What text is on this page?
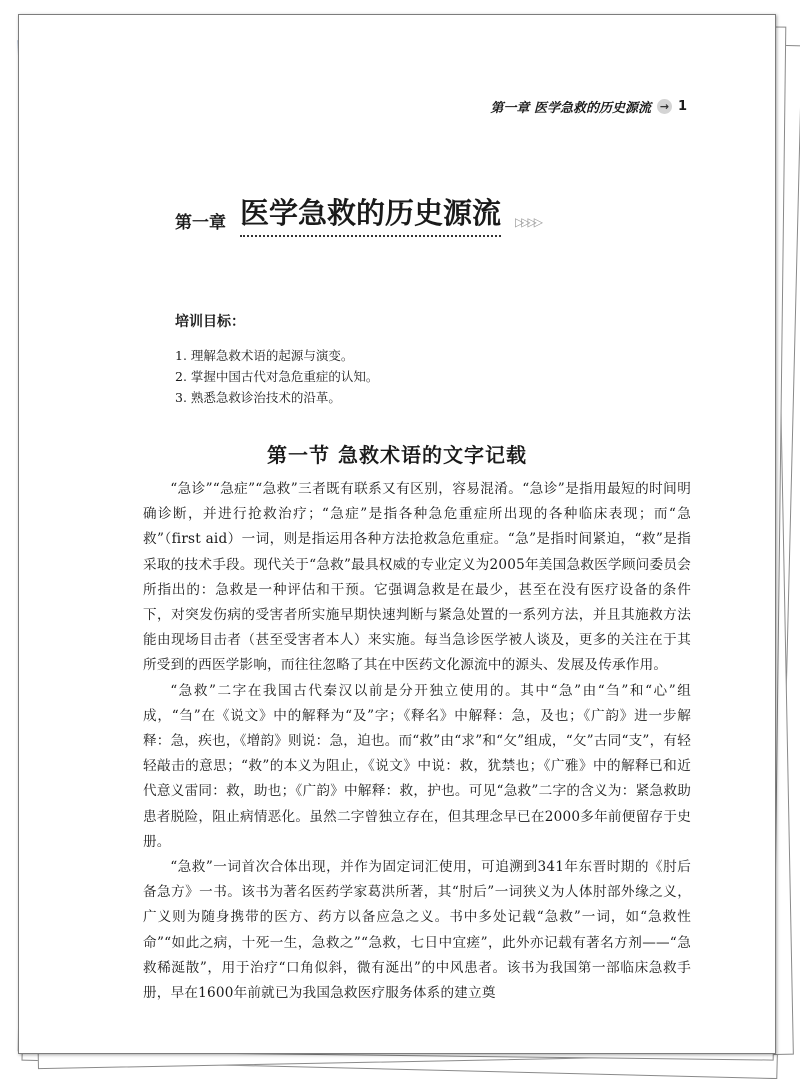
第一章 医学急救的历史源流 → 1
第一章 医学急救的历史源流 ▷▷▷▷
培训目标：
1. 理解急救术语的起源与演变。
2. 掌握中国古代对急危重症的认知。
3. 熟悉急救诊治技术的沿革。
第一节 急救术语的文字记载

“急诊”“急症”“急救”三者既有联系又有区别，容易混淆。“急诊”是指用最短的时间明确诊断，并进行抢救治疗；“急症”是指各种急危重症所出现的各种临床表现；而“急救”（first aid）一词，则是指运用各种方法抢救急危重症。“急”是指时间紧迫，“救”是指采取的技术手段。现代关于“急救”最具权威的专业定义为2005年美国急救医学顾问委员会所指出的：急救是一种评估和干预。它强调急救是在最少，甚至在没有医疗设备的条件下，对突发伤病的受害者所实施早期快速判断与紧急处置的一系列方法，并且其施救方法能由现场目击者（甚至受害者本人）来实施。每当急诊医学被人谈及，更多的关注在于其所受到的西医学影响，而往往忽略了其在中医药文化源流中的源头、发展及传承作用。

“急救”二字在我国古代秦汉以前是分开独立使用的。其中“急”由“刍”和“心”组成，“刍”在《说文》中的解释为“及”字；《释名》中解释：急，及也；《广韵》进一步解释：急，疾也，《增韵》则说：急，迫也。而“救”由“求”和“攵”组成，“攵”古同“支”，有轻轻敲击的意思；“救”的本义为阻止，《说文》中说：救，犹禁也；《广雅》中的解释已和近代意义雷同：救，助也；《广韵》中解释：救，护也。可见“急救”二字的含义为：紧急救助患者脱险，阻止病情恶化。虽然二字曾独立存在，但其理念早已在2000多年前便留存于史册。

“急救”一词首次合体出现，并作为固定词汇使用，可追溯到341年东晋时期的《肘后备急方》一书。该书为著名医药学家葛洪所著，其“肘后”一词狭义为人体肘部外缘之义，广义则为随身携带的医方、药方以备应急之义。书中多处记载“急救”一词，如“急救性命”“如此之病，十死一生，急救之”“急救，七日中宜瘥”，此外亦记载有著名方剂——“急救稀涎散”，用于治疗“口角似斜，微有涎出”的中风患者。该书为我国第一部临床急救手册，早在1600年前就已为我国急救医疗服务体系的建立奠
